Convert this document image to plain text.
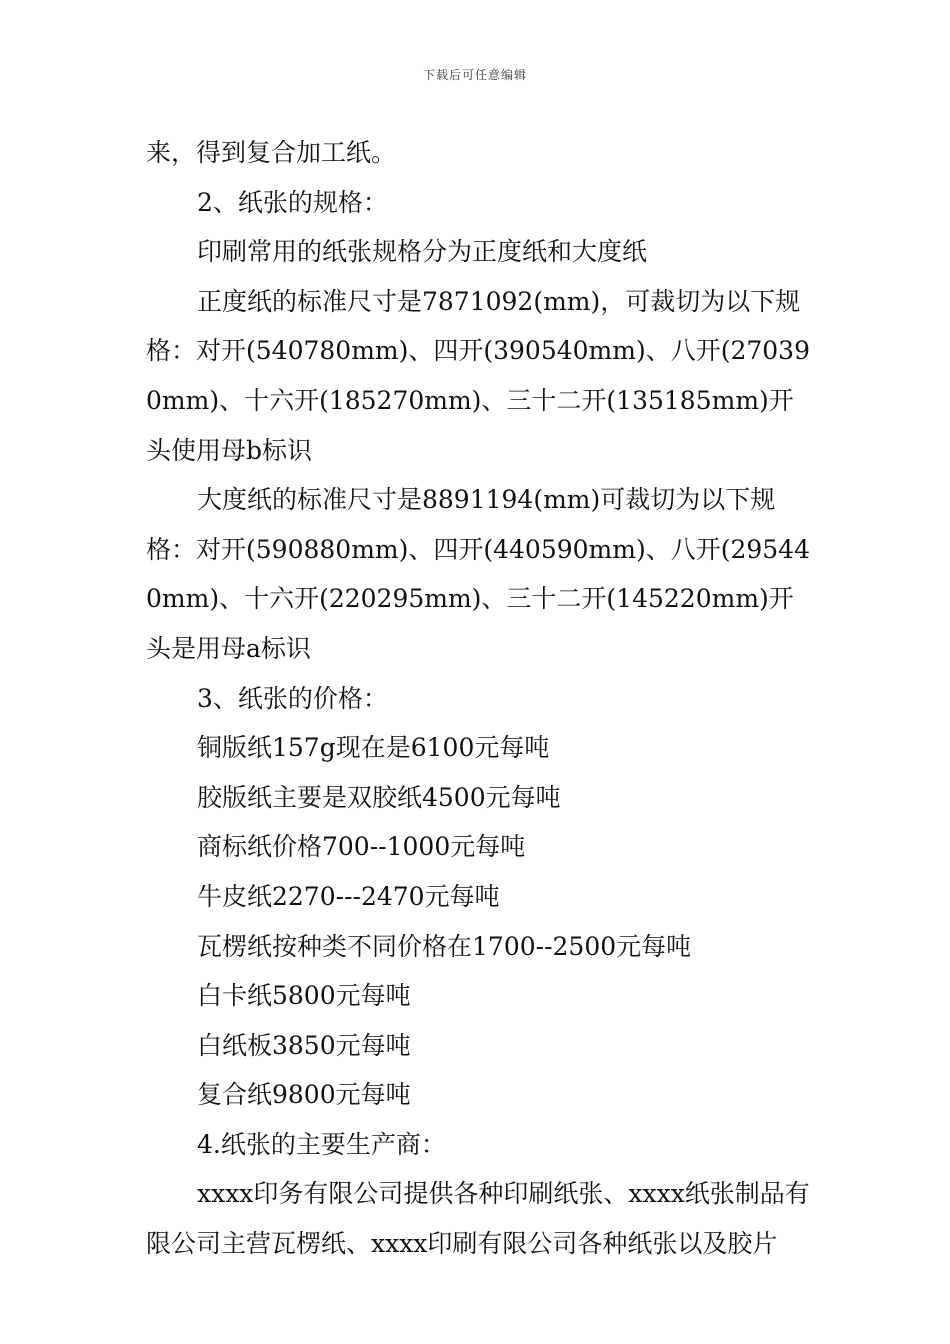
下载后可任意编辑

来，得到复合加工纸。

2、纸张的规格：

印刷常用的纸张规格分为正度纸和大度纸

正度纸的标准尺寸是7871092(mm)，可裁切为以下规格：对开(540780mm)、四开(390540mm)、八开(270390mm)、十六开(185270mm)、三十二开(135185mm)开头使用母b标识

大度纸的标准尺寸是8891194(mm)可裁切为以下规格：对开(590880mm)、四开(440590mm)、八开(295440mm)、十六开(220295mm)、三十二开(145220mm)开头是用母a标识

3、纸张的价格：

铜版纸157g现在是6100元每吨

胶版纸主要是双胶纸4500元每吨

商标纸价格700--1000元每吨

牛皮纸2270---2470元每吨

瓦楞纸按种类不同价格在1700--2500元每吨

白卡纸5800元每吨

白纸板3850元每吨

复合纸9800元每吨

4.纸张的主要生产商：

xxxx印务有限公司提供各种印刷纸张、xxxx纸张制品有限公司主营瓦楞纸、xxxx印刷有限公司各种纸张以及胶片
